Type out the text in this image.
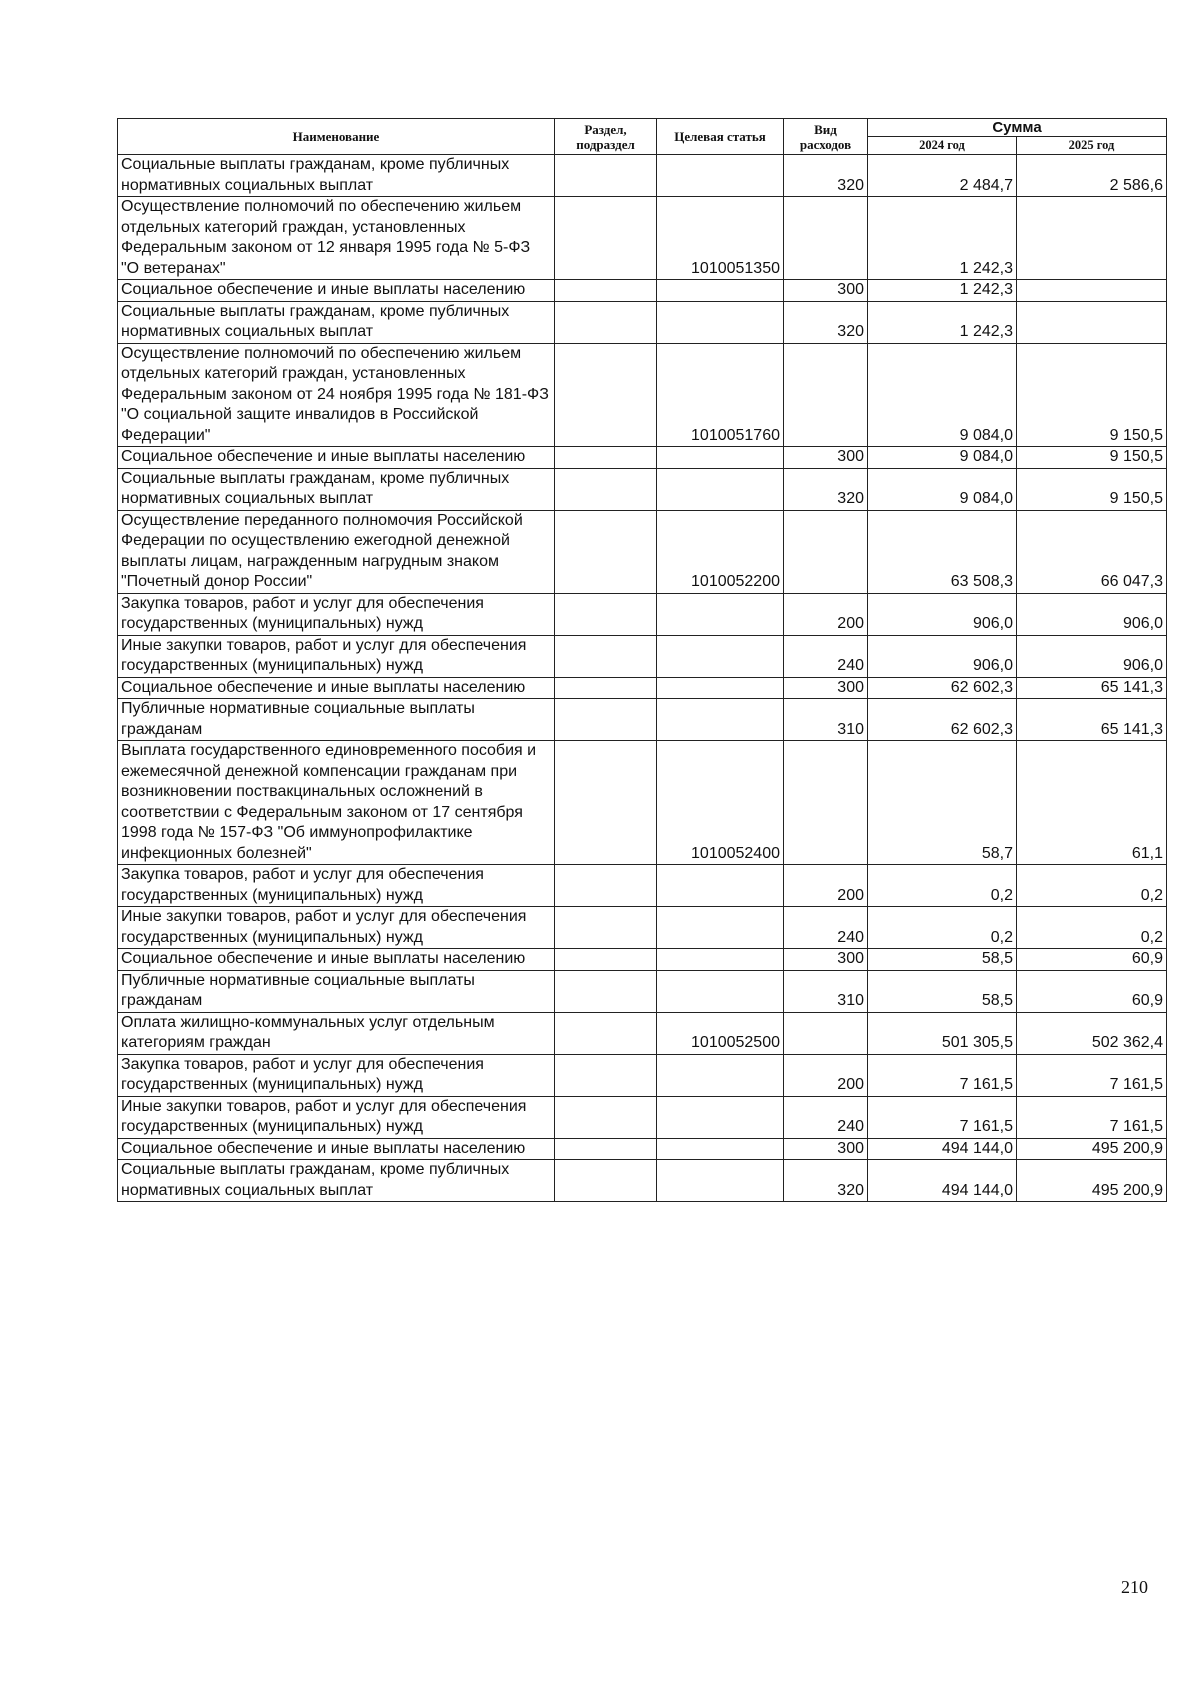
Наименование	Раздел, подраздел	Целевая статья	Вид расходов	Сумма	
				2024 год	2025 год
Социальные выплаты гражданам, кроме публичных нормативных социальных выплат			320	2 484,7	2 586,6
Осуществление полномочий по обеспечению жильем отдельных категорий граждан, установленных Федеральным законом от 12 января 1995 года № 5-ФЗ "О ветеранах"		1010051350		1 242,3	
Социальное обеспечение и иные выплаты населению			300	1 242,3	
Социальные выплаты гражданам, кроме публичных нормативных социальных выплат			320	1 242,3	
Осуществление полномочий по обеспечению жильем отдельных категорий граждан, установленных Федеральным законом от 24 ноября 1995 года № 181-ФЗ "О социальной защите инвалидов в Российской Федерации"		1010051760		9 084,0	9 150,5
Социальное обеспечение и иные выплаты населению			300	9 084,0	9 150,5
Социальные выплаты гражданам, кроме публичных нормативных социальных выплат			320	9 084,0	9 150,5
Осуществление переданного полномочия Российской Федерации по осуществлению ежегодной денежной выплаты лицам, награжденным нагрудным знаком "Почетный донор России"		1010052200		63 508,3	66 047,3
Закупка товаров, работ и услуг для обеспечения государственных (муниципальных) нужд			200	906,0	906,0
Иные закупки товаров, работ и услуг для обеспечения государственных (муниципальных) нужд			240	906,0	906,0
Социальное обеспечение и иные выплаты населению			300	62 602,3	65 141,3
Публичные нормативные социальные выплаты гражданам			310	62 602,3	65 141,3
Выплата государственного единовременного пособия и ежемесячной денежной компенсации гражданам при возникновении поствакцинальных осложнений в соответствии с Федеральным законом от 17 сентября 1998 года № 157-ФЗ "Об иммунопрофилактике инфекционных болезней"		1010052400		58,7	61,1
Закупка товаров, работ и услуг для обеспечения государственных (муниципальных) нужд			200	0,2	0,2
Иные закупки товаров, работ и услуг для обеспечения государственных (муниципальных) нужд			240	0,2	0,2
Социальное обеспечение и иные выплаты населению			300	58,5	60,9
Публичные нормативные социальные выплаты гражданам			310	58,5	60,9
Оплата жилищно-коммунальных услуг отдельным категориям граждан		1010052500		501 305,5	502 362,4
Закупка товаров, работ и услуг для обеспечения государственных (муниципальных) нужд			200	7 161,5	7 161,5
Иные закупки товаров, работ и услуг для обеспечения государственных (муниципальных) нужд			240	7 161,5	7 161,5
Социальное обеспечение и иные выплаты населению			300	494 144,0	495 200,9
Социальные выплаты гражданам, кроме публичных нормативных социальных выплат			320	494 144,0	495 200,9
210
